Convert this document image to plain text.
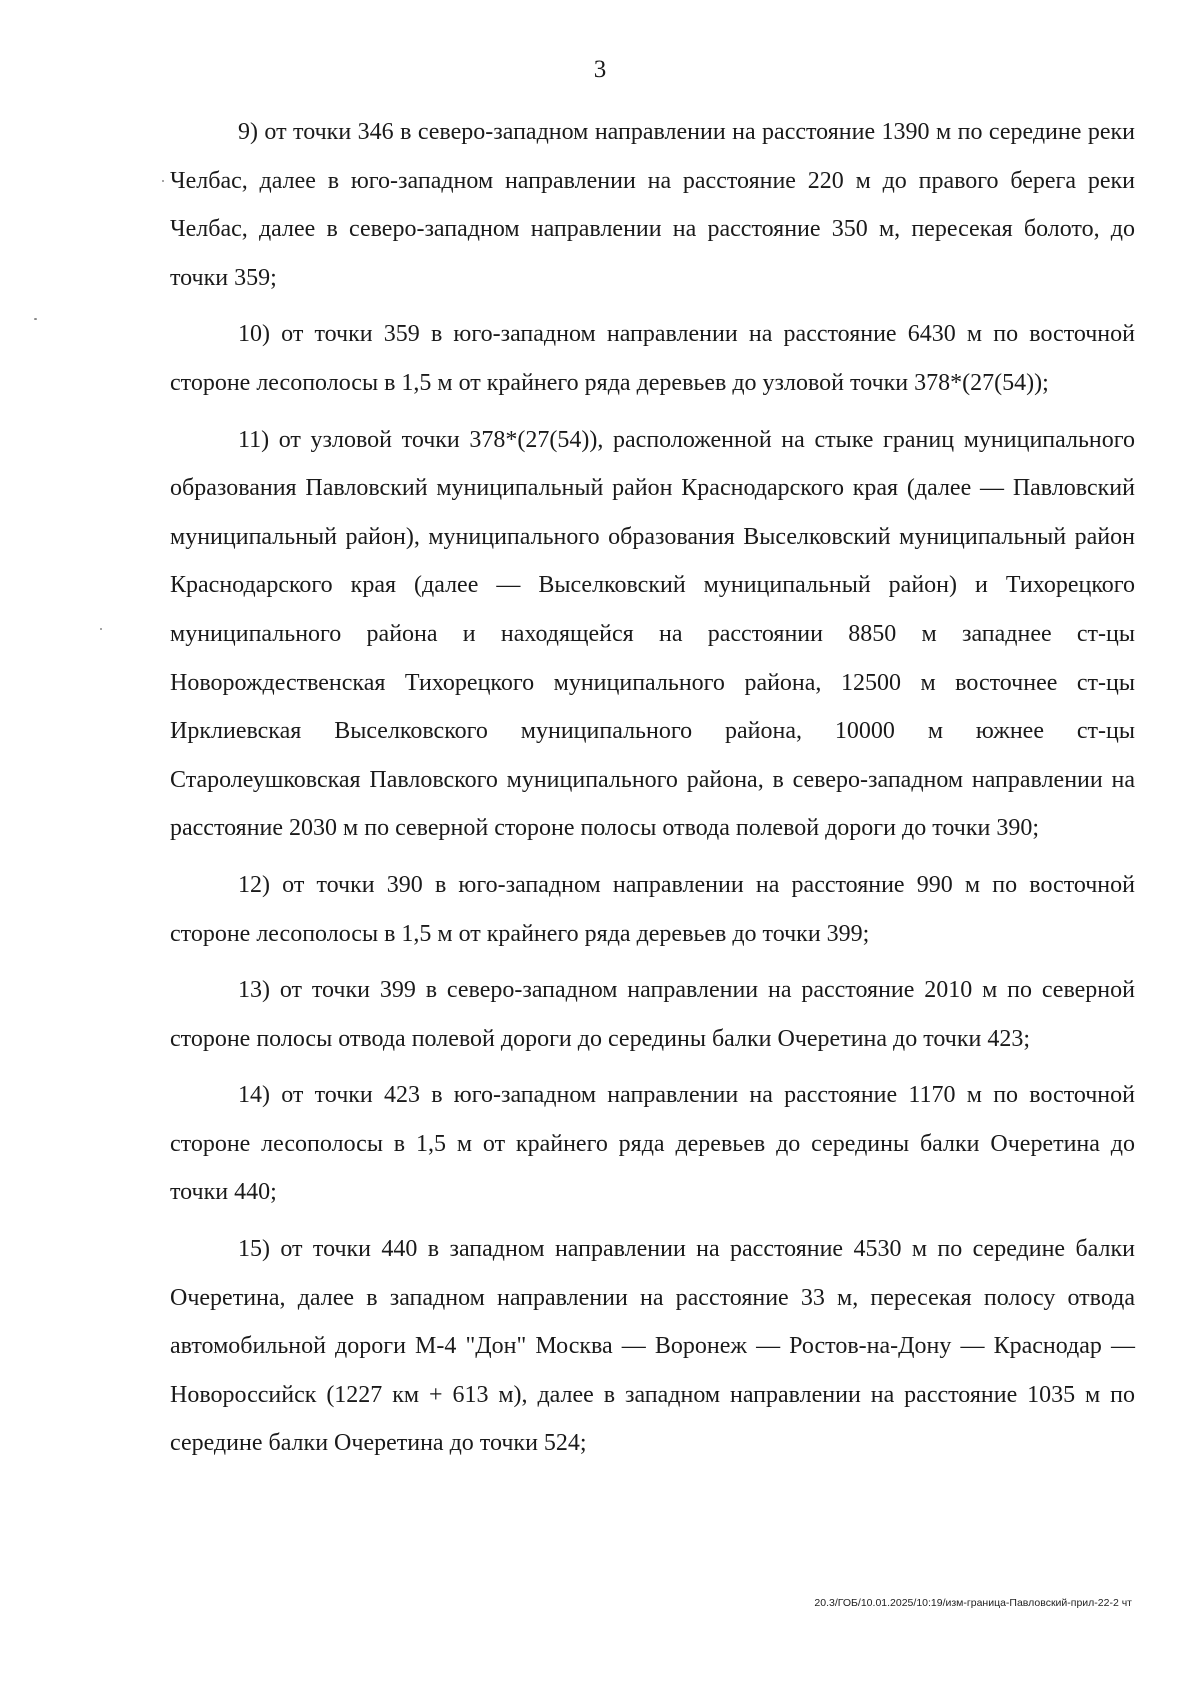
3

9) от точки 346 в северо-западном направлении на расстояние 1390 м по середине реки Челбас, далее в юго-западном направлении на расстояние 220 м до правого берега реки Челбас, далее в северо-западном направлении на расстояние 350 м, пересекая болото, до точки 359;

10) от точки 359 в юго-западном направлении на расстояние 6430 м по восточной стороне лесополосы в 1,5 м от крайнего ряда деревьев до узловой точки 378*(27(54));

11) от узловой точки 378*(27(54)), расположенной на стыке границ муниципального образования Павловский муниципальный район Краснодарского края (далее — Павловский муниципальный район), муниципального образования Выселковский муниципальный район Краснодарского края (далее — Выселковский муниципальный район) и Тихорецкого муниципального района и находящейся на расстоянии 8850 м западнее ст-цы Новорождественская Тихорецкого муниципального района, 12500 м восточнее ст-цы Ирклиевская Выселковского муниципального района, 10000 м южнее ст-цы Старолеушковская Павловского муниципального района, в северо-западном направлении на расстояние 2030 м по северной стороне полосы отвода полевой дороги до точки 390;

12) от точки 390 в юго-западном направлении на расстояние 990 м по восточной стороне лесополосы в 1,5 м от крайнего ряда деревьев до точки 399;

13) от точки 399 в северо-западном направлении на расстояние 2010 м по северной стороне полосы отвода полевой дороги до середины балки Очеретина до точки 423;

14) от точки 423 в юго-западном направлении на расстояние 1170 м по восточной стороне лесополосы в 1,5 м от крайнего ряда деревьев до середины балки Очеретина до точки 440;

15) от точки 440 в западном направлении на расстояние 4530 м по середине балки Очеретина, далее в западном направлении на расстояние 33 м, пересекая полосу отвода автомобильной дороги М-4 "Дон" Москва — Воронеж — Ростов-на-Дону — Краснодар — Новороссийск (1227 км + 613 м), далее в западном направлении на расстояние 1035 м по середине балки Очеретина до точки 524;

20.3/ГОБ/10.01.2025/10:19/изм-граница-Павловский-прил-22-2 чт
